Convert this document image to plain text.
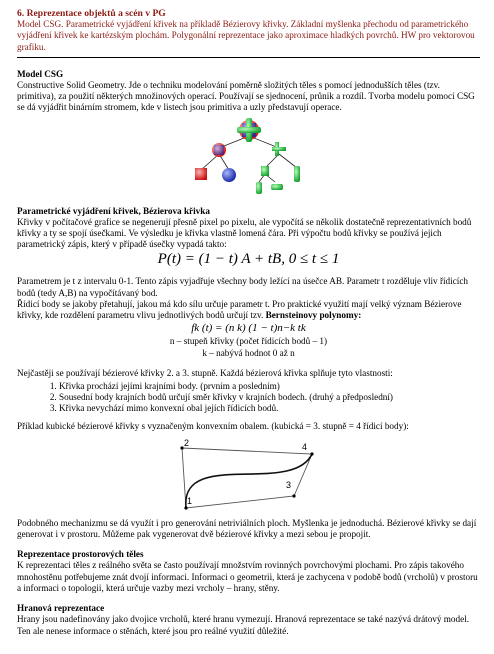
6. Reprezentace objektů a scén v PG
Model CSG. Parametrické vyjádření křivek na příkladě Bézierovy křivky. Základní myšlenka přechodu od parametrického vyjádření křivek ke kartézským plochám. Polygonální reprezentace jako aproximace hladkých povrchů. HW pro vektorovou grafiku.
Model CSG

Constructive Solid Geometry. Jde o techniku modelování poměrně složitých těles s pomocí jednodušších těles (tzv. primitiva), za použití některých množinových operací. Používají se sjednocení, průnik a rozdíl. Tvorba modelu pomocí CSG se dá vyjádřit binárním stromem, kde v listech jsou primitiva a uzly představují operace.

Parametrické vyjádření křivek, Bézierova křivka

Křivky v počítačové grafice se negenerují přesně pixel po pixelu, ale vypočítá se několik dostatečně reprezentativních bodů křivky a ty se spojí úsečkami. Ve výsledku je křivka vlastně lomená čára. Při výpočtu bodů křivky se používá jejich parametrický zápis, který v případě úsečky vypadá takto:

P(t) = (1 − t) A + tB, 0 ≤ t ≤ 1

Parametrem je t z intervalu 0-1. Tento zápis vyjadřuje všechny body ležící na úsečce AB. Parametr t rozděluje vliv řídicích bodů (tedy A,B) na vypočítávaný bod.

Řídicí body se jakoby přetahují, jakou má kdo sílu určuje parametr t. Pro praktické využití mají velký význam Bézierove křivky, kde rozdělení parametru vlivu jednotlivých bodů určují tzv. Bernsteinovy polynomy:

fk (t) = (n k) (1 − t)n−k tk
n – stupeň křivky (počet řídicích bodů – 1)
k – nabývá hodnot 0 až n

Nejčastěji se používají bézierové křivky 2. a 3. stupně. Každá bézierová křivka splňuje tyto vlastnosti:

1. Křivka prochází jejími krajními body. (prvním a posledním)
2. Sousední body krajních bodů určují směr křivky v krajních bodech. (druhý a předposlední)
3. Křivka nevychází mimo konvexní obal jejích řídicích bodů.

Příklad kubické bézierové křivky s vyznačeným konvexním obalem. (kubická = 3. stupně = 4 řídicí body):

1
2
3
4

Podobného mechanizmu se dá využít i pro generování netriviálních ploch. Myšlenka je jednoduchá. Bézierové křivky se dají generovat i v prostoru. Můžeme pak vygenerovat dvě bézierové křivky a mezi sebou je propojit.

Reprezentace prostorových těles

K reprezentaci těles z reálného světa se často používají množstvím rovinných povrchovými plochami. Pro zápis takového mnohostěnu potřebujeme znát dvojí informaci. Informaci o geometrii, která je zachycena v podobě bodů (vrcholů) v prostoru a informaci o topologii, která určuje vazby mezi vrcholy – hrany, stěny.

Hranová reprezentace

Hrany jsou nadefinovány jako dvojice vrcholů, které hranu vymezují. Hranová reprezentace se také nazývá drátový model. Ten ale nenese informace o stěnách, které jsou pro reálné využití důležité.
